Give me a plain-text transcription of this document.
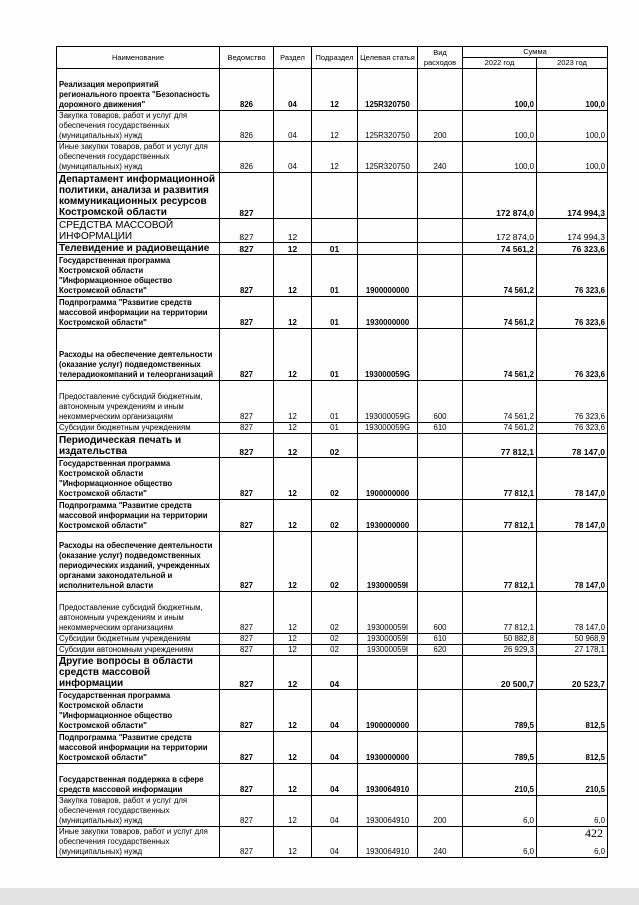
Наименование	Ведомство	Раздел	Подраздел	Целевая статья	Вид расходов	Сумма	
						2022 год	2023 год
Реализация мероприятий регионального проекта "Безопасность дорожного движения"	826	04	12	125R320750		100,0	100,0
Закупка товаров, работ и услуг для обеспечения государственных (муниципальных) нужд	826	04	12	125R320750	200	100,0	100,0
Иные закупки товаров, работ и услуг для обеспечения государственных (муниципальных) нужд	826	04	12	125R320750	240	100,0	100,0
Департамент информационной политики, анализа и развития коммуникационных ресурсов Костромской области	827					172 874,0	174 994,3
СРЕДСТВА МАССОВОЙ ИНФОРМАЦИИ	827	12				172 874,0	174 994,3
Телевидение и радиовещание	827	12	01			74 561,2	76 323,6
Государственная программа Костромской области "Информационное общество Костромской области"	827	12	01	1900000000		74 561,2	76 323,6
Подпрограмма "Развитие средств массовой информации на территории Костромской области"	827	12	01	1930000000		74 561,2	76 323,6
Расходы на обеспечение деятельности (оказание услуг) подведомственных телерадиокомпаний и телеорганизаций	827	12	01	193000059G		74 561,2	76 323,6
Предоставление субсидий бюджетным, автономным учреждениям и иным некоммерческим организациям	827	12	01	193000059G	600	74 561,2	76 323,6
Субсидии бюджетным учреждениям	827	12	01	193000059G	610	74 561,2	76 323,6
Периодическая печать и издательства	827	12	02			77 812,1	78 147,0
Государственная программа Костромской области "Информационное общество Костромской области"	827	12	02	1900000000		77 812,1	78 147,0
Подпрограмма "Развитие средств массовой информации на территории Костромской области"	827	12	02	1930000000		77 812,1	78 147,0
Расходы на обеспечение деятельности (оказание услуг) подведомственных периодических изданий, учрежденных органами законодательной и исполнительной власти	827	12	02	193000059I		77 812,1	78 147,0
Предоставление субсидий бюджетным, автономным учреждениям и иным некоммерческим организациям	827	12	02	193000059I	600	77 812,1	78 147,0
Субсидии бюджетным учреждениям	827	12	02	193000059I	610	50 882,8	50 968,9
Субсидии автономным учреждениям	827	12	02	193000059I	620	26 929,3	27 178,1
Другие вопросы в области средств массовой информации	827	12	04			20 500,7	20 523,7
Государственная программа Костромской области "Информационное общество Костромской области"	827	12	04	1900000000		789,5	812,5
Подпрограмма "Развитие средств массовой информации на территории Костромской области"	827	12	04	1930000000		789,5	812,5
Государственная поддержка в сфере средств массовой информации	827	12	04	1930064910		210,5	210,5
Закупка товаров, работ и услуг для обеспечения государственных (муниципальных) нужд	827	12	04	1930064910	200	6,0	6,0
Иные закупки товаров, работ и услуг для обеспечения государственных (муниципальных) нужд	827	12	04	1930064910	240	6,0	6,0
422
